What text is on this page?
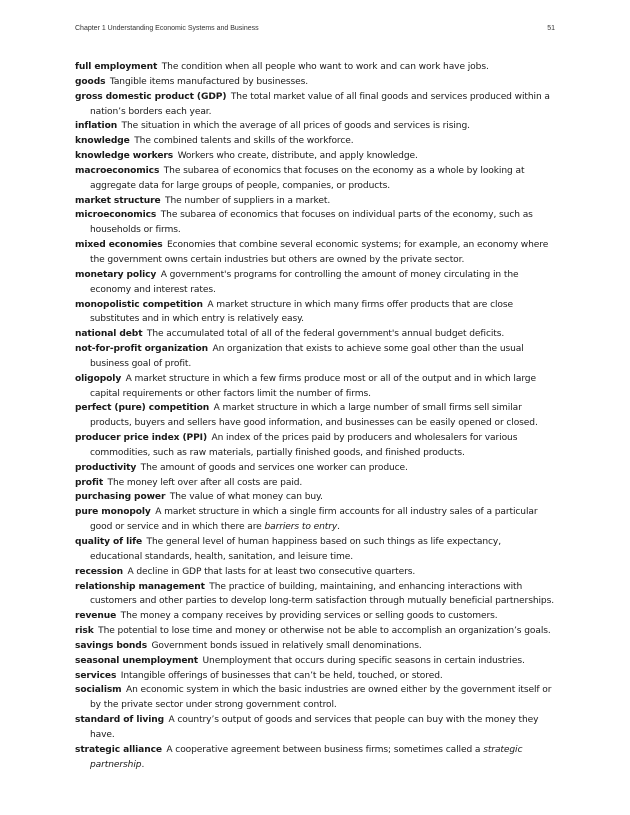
Chapter 1 Understanding Economic Systems and Business	51

full employment  The condition when all people who want to work and can work have jobs.

goods  Tangible items manufactured by businesses.

gross domestic product (GDP)  The total market value of all final goods and services produced within a nation’s borders each year.

inflation  The situation in which the average of all prices of goods and services is rising.

knowledge  The combined talents and skills of the workforce.

knowledge workers  Workers who create, distribute, and apply knowledge.

macroeconomics  The subarea of economics that focuses on the economy as a whole by looking at aggregate data for large groups of people, companies, or products.

market structure  The number of suppliers in a market.

microeconomics  The subarea of economics that focuses on individual parts of the economy, such as households or firms.

mixed economies  Economies that combine several economic systems; for example, an economy where the government owns certain industries but others are owned by the private sector.

monetary policy  A government's programs for controlling the amount of money circulating in the economy and interest rates.

monopolistic competition  A market structure in which many firms offer products that are close substitutes and in which entry is relatively easy.

national debt  The accumulated total of all of the federal government's annual budget deficits.

not-for-profit organization  An organization that exists to achieve some goal other than the usual business goal of profit.

oligopoly  A market structure in which a few firms produce most or all of the output and in which large capital requirements or other factors limit the number of firms.

perfect (pure) competition  A market structure in which a large number of small firms sell similar products, buyers and sellers have good information, and businesses can be easily opened or closed.

producer price index (PPI)  An index of the prices paid by producers and wholesalers for various commodities, such as raw materials, partially finished goods, and finished products.

productivity  The amount of goods and services one worker can produce.

profit  The money left over after all costs are paid.

purchasing power  The value of what money can buy.

pure monopoly  A market structure in which a single firm accounts for all industry sales of a particular good or service and in which there are barriers to entry.

quality of life  The general level of human happiness based on such things as life expectancy, educational standards, health, sanitation, and leisure time.

recession  A decline in GDP that lasts for at least two consecutive quarters.

relationship management  The practice of building, maintaining, and enhancing interactions with customers and other parties to develop long-term satisfaction through mutually beneficial partnerships.

revenue  The money a company receives by providing services or selling goods to customers.

risk  The potential to lose time and money or otherwise not be able to accomplish an organization’s goals.

savings bonds  Government bonds issued in relatively small denominations.

seasonal unemployment  Unemployment that occurs during specific seasons in certain industries.

services  Intangible offerings of businesses that can’t be held, touched, or stored.

socialism  An economic system in which the basic industries are owned either by the government itself or by the private sector under strong government control.

standard of living  A country’s output of goods and services that people can buy with the money they have.

strategic alliance  A cooperative agreement between business firms; sometimes called a strategic partnership.
